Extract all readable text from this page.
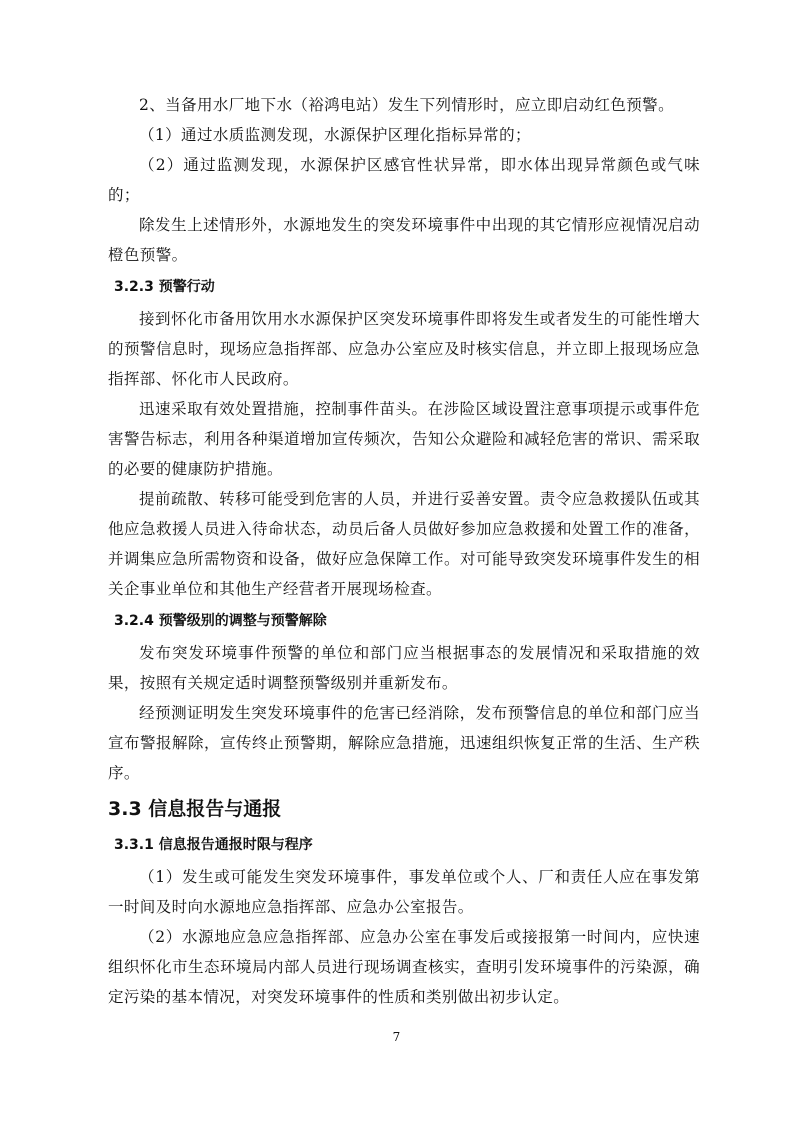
2、当备用水厂地下水（裕鸿电站）发生下列情形时，应立即启动红色预警。

（1）通过水质监测发现，水源保护区理化指标异常的；

（2）通过监测发现，水源保护区感官性状异常，即水体出现异常颜色或气味的；

除发生上述情形外，水源地发生的突发环境事件中出现的其它情形应视情况启动橙色预警。

3.2.3 预警行动

接到怀化市备用饮用水水源保护区突发环境事件即将发生或者发生的可能性增大的预警信息时，现场应急指挥部、应急办公室应及时核实信息，并立即上报现场应急指挥部、怀化市人民政府。

迅速采取有效处置措施，控制事件苗头。在涉险区域设置注意事项提示或事件危害警告标志，利用各种渠道增加宣传频次，告知公众避险和减轻危害的常识、需采取的必要的健康防护措施。

提前疏散、转移可能受到危害的人员，并进行妥善安置。责令应急救援队伍或其他应急救援人员进入待命状态，动员后备人员做好参加应急救援和处置工作的准备，并调集应急所需物资和设备，做好应急保障工作。对可能导致突发环境事件发生的相关企事业单位和其他生产经营者开展现场检查。

3.2.4 预警级别的调整与预警解除

发布突发环境事件预警的单位和部门应当根据事态的发展情况和采取措施的效果，按照有关规定适时调整预警级别并重新发布。

经预测证明发生突发环境事件的危害已经消除，发布预警信息的单位和部门应当宣布警报解除，宣传终止预警期，解除应急措施，迅速组织恢复正常的生活、生产秩序。

3.3 信息报告与通报
3.3.1 信息报告通报时限与程序

（1）发生或可能发生突发环境事件，事发单位或个人、厂和责任人应在事发第一时间及时向水源地应急指挥部、应急办公室报告。

（2）水源地应急应急指挥部、应急办公室在事发后或接报第一时间内，应快速组织怀化市生态环境局内部人员进行现场调查核实，查明引发环境事件的污染源，确定污染的基本情况，对突发环境事件的性质和类别做出初步认定。

7
